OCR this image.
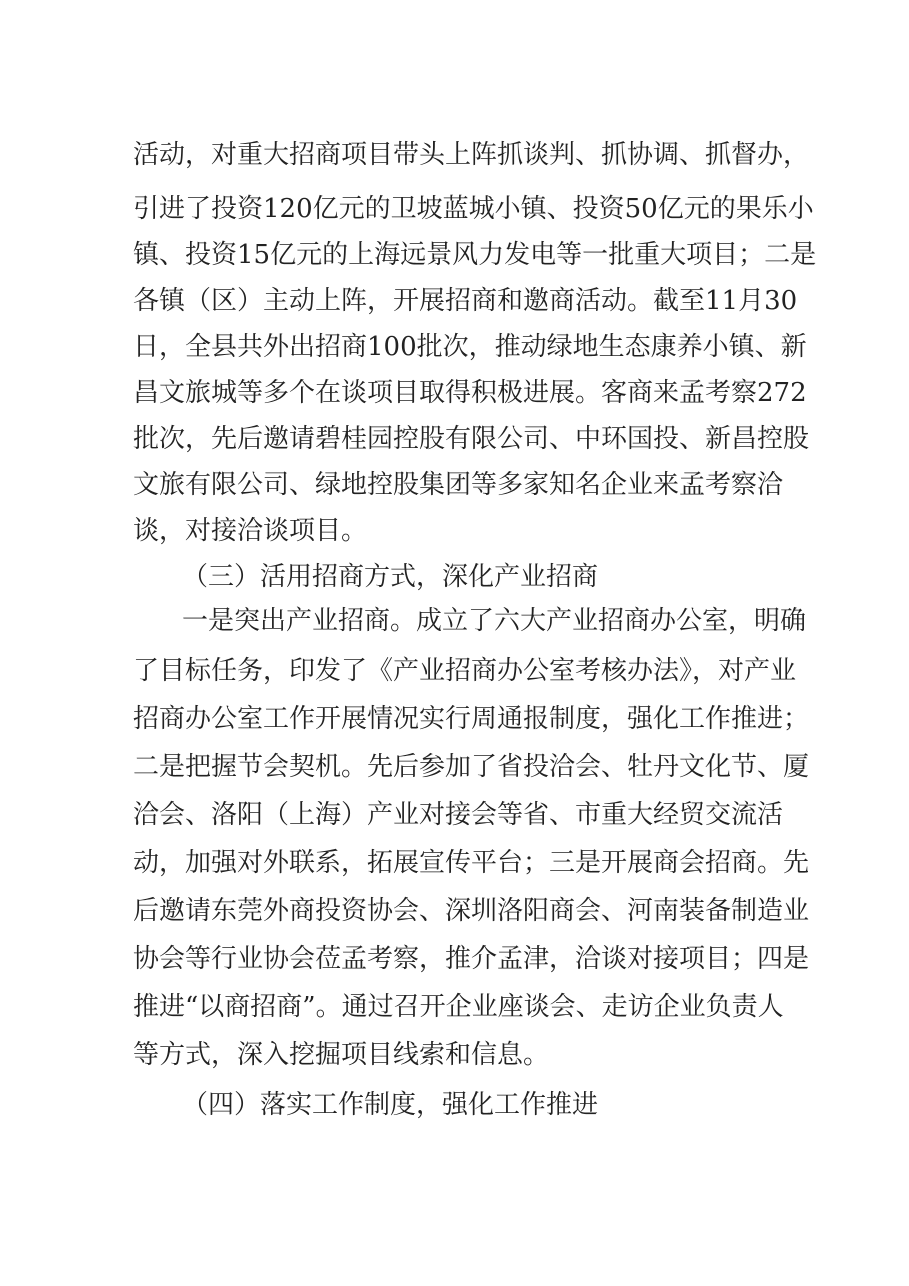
活动，对重大招商项目带头上阵抓谈判、抓协调、抓督办，
引进了投资120亿元的卫坡蓝城小镇、投资50亿元的果乐小
镇、投资15亿元的上海远景风力发电等一批重大项目；二是
各镇（区）主动上阵，开展招商和邀商活动。截至11月30
日，全县共外出招商100批次，推动绿地生态康养小镇、新
昌文旅城等多个在谈项目取得积极进展。客商来孟考察272
批次，先后邀请碧桂园控股有限公司、中环国投、新昌控股
文旅有限公司、绿地控股集团等多家知名企业来孟考察洽
谈，对接洽谈项目。
（三）活用招商方式，深化产业招商
一是突出产业招商。成立了六大产业招商办公室，明确
了目标任务，印发了《产业招商办公室考核办法》，对产业
招商办公室工作开展情况实行周通报制度，强化工作推进；
二是把握节会契机。先后参加了省投洽会、牡丹文化节、厦
洽会、洛阳（上海）产业对接会等省、市重大经贸交流活
动，加强对外联系，拓展宣传平台；三是开展商会招商。先
后邀请东莞外商投资协会、深圳洛阳商会、河南装备制造业
协会等行业协会莅孟考察，推介孟津，洽谈对接项目；四是
推进“以商招商”。通过召开企业座谈会、走访企业负责人
等方式，深入挖掘项目线索和信息。
（四）落实工作制度，强化工作推进
